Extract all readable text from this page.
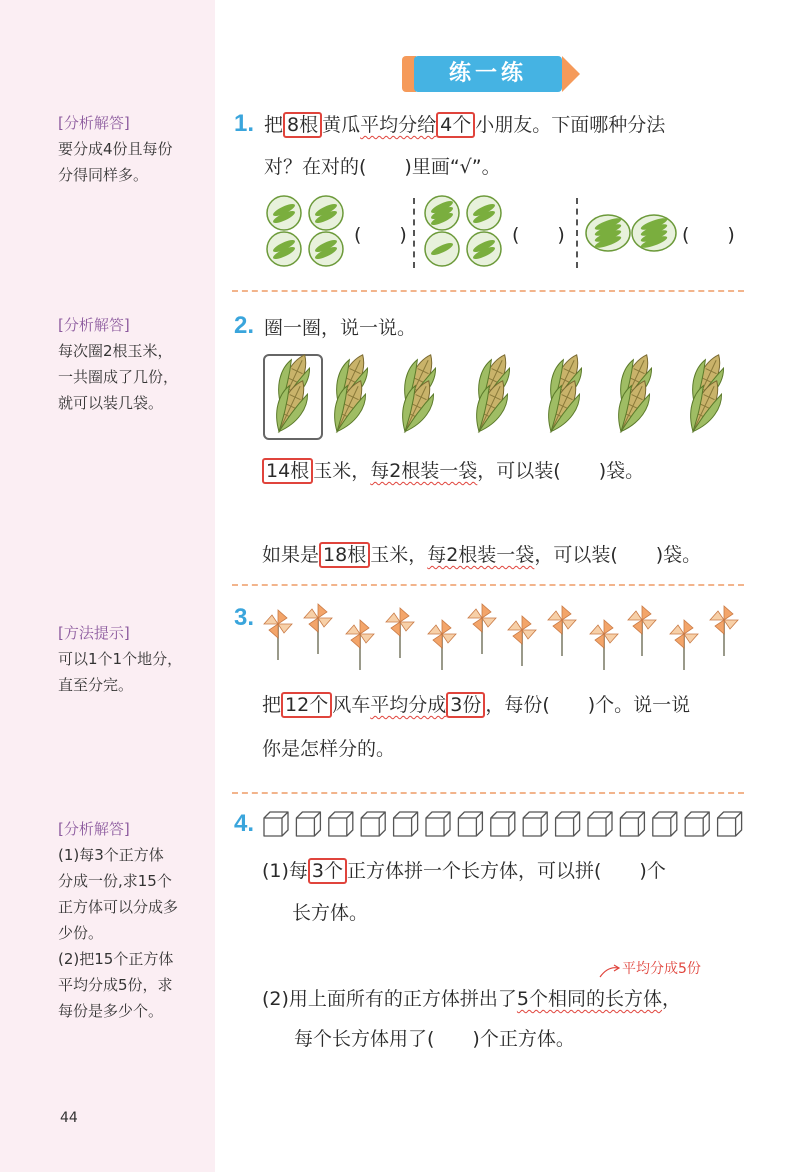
[分析解答]
要分成4份且每份
分得同样多。
[分析解答]
每次圈2根玉米，
一共圈成了几份，
就可以装几袋。
[方法提示]
可以1个1个地分，
直至分完。
[分析解答]
(1)每3个正方体
分成一份,求15个
正方体可以分成多
少份。
(2)把15个正方体
平均分成5份，求
每份是多少个。
44
练一练
1. 把 8根 黄瓜平均分给 4个 小朋友。下面哪种分法
对？在对的(　　)里画“√”。
(　　)	(　　)	(　　)
2. 圈一圈，说一说。
14根 玉米，每2根装一袋，可以装(　　)袋。
如果是 18根 玉米，每2根装一袋，可以装(　　)袋。
3.
把 12个 风车平均分成 3份 ，每份(　　)个。说一说
你是怎样分的。
4.
(1)每 3个 正方体拼一个长方体，可以拼(　　)个
长方体。
平均分成5份
(2)用上面所有的正方体拼出了5个相同的长方体，
每个长方体用了(　　)个正方体。
